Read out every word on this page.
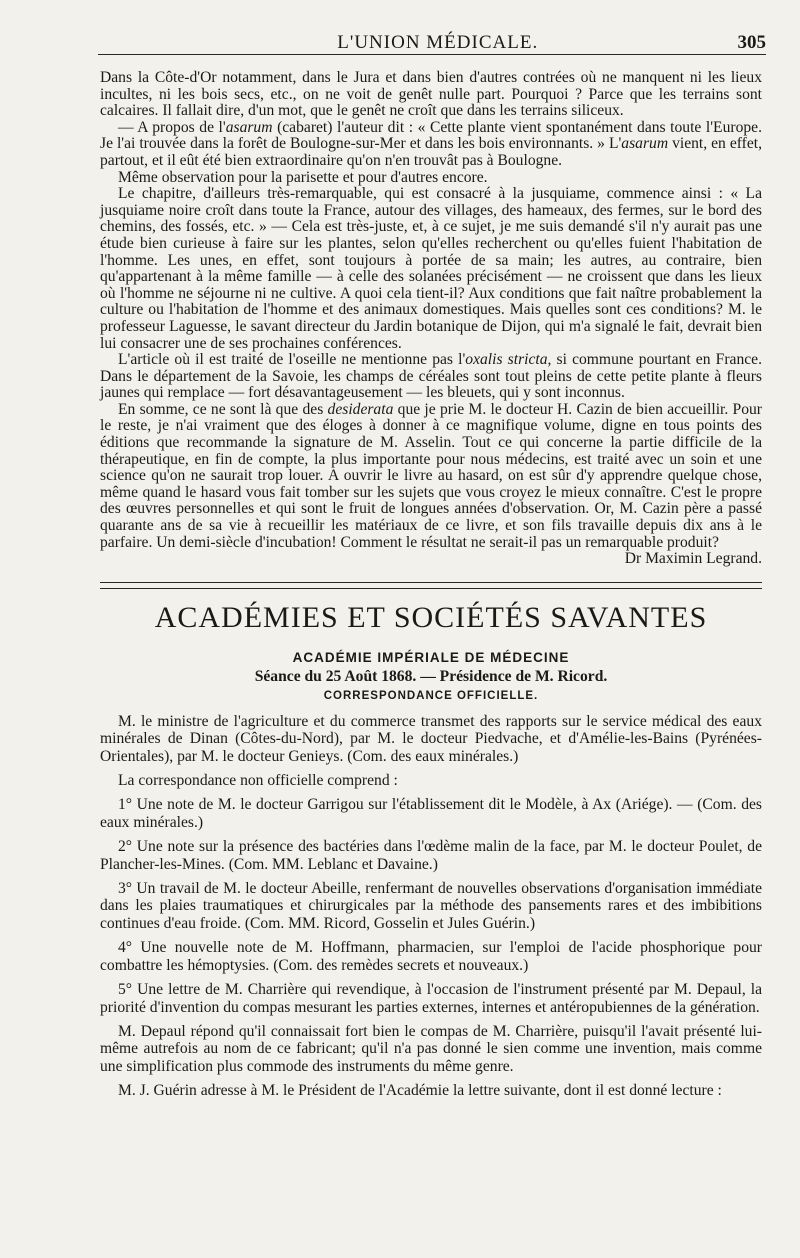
L'UNION MÉDICALE.	305

Dans la Côte-d'Or notamment, dans le Jura et dans bien d'autres contrées où ne manquent ni les lieux incultes, ni les bois secs, etc., on ne voit de genêt nulle part. Pourquoi ? Parce que les terrains sont calcaires. Il fallait dire, d'un mot, que le genêt ne croît que dans les terrains siliceux.

— A propos de l'asarum (cabaret) l'auteur dit : « Cette plante vient spontanément dans toute l'Europe. Je l'ai trouvée dans la forêt de Boulogne-sur-Mer et dans les bois environnants. » L'asarum vient, en effet, partout, et il eût été bien extraordinaire qu'on n'en trouvât pas à Boulogne.

Même observation pour la parisette et pour d'autres encore.

Le chapitre, d'ailleurs très-remarquable, qui est consacré à la jusquiame, commence ainsi : « La jusquiame noire croît dans toute la France, autour des villages, des hameaux, des fermes, sur le bord des chemins, des fossés, etc. » — Cela est très-juste, et, à ce sujet, je me suis demandé s'il n'y aurait pas une étude bien curieuse à faire sur les plantes, selon qu'elles recherchent ou qu'elles fuient l'habitation de l'homme. Les unes, en effet, sont toujours à portée de sa main; les autres, au contraire, bien qu'appartenant à la même famille — à celle des solanées précisément — ne croissent que dans les lieux où l'homme ne séjourne ni ne cultive. A quoi cela tient-il? Aux conditions que fait naître probablement la culture ou l'habitation de l'homme et des animaux domestiques. Mais quelles sont ces conditions? M. le professeur Laguesse, le savant directeur du Jardin botanique de Dijon, qui m'a signalé le fait, devrait bien lui consacrer une de ses prochaines conférences.

L'article où il est traité de l'oseille ne mentionne pas l'oxalis stricta, si commune pourtant en France. Dans le département de la Savoie, les champs de céréales sont tout pleins de cette petite plante à fleurs jaunes qui remplace — fort désavantageusement — les bleuets, qui y sont inconnus.

En somme, ce ne sont là que des desiderata que je prie M. le docteur H. Cazin de bien accueillir. Pour le reste, je n'ai vraiment que des éloges à donner à ce magnifique volume, digne en tous points des éditions que recommande la signature de M. Asselin. Tout ce qui concerne la partie difficile de la thérapeutique, en fin de compte, la plus importante pour nous médecins, est traité avec un soin et une science qu'on ne saurait trop louer. A ouvrir le livre au hasard, on est sûr d'y apprendre quelque chose, même quand le hasard vous fait tomber sur les sujets que vous croyez le mieux connaître. C'est le propre des œuvres personnelles et qui sont le fruit de longues années d'observation. Or, M. Cazin père a passé quarante ans de sa vie à recueillir les matériaux de ce livre, et son fils travaille depuis dix ans à le parfaire. Un demi-siècle d'incubation! Comment le résultat ne serait-il pas un remarquable produit?

Dr Maximin Legrand.
ACADÉMIES ET SOCIÉTÉS SAVANTES
ACADÉMIE IMPÉRIALE DE MÉDECINE
Séance du 25 Août 1868. — Présidence de M. Ricord.
CORRESPONDANCE OFFICIELLE.

M. le ministre de l'agriculture et du commerce transmet des rapports sur le service médical des eaux minérales de Dinan (Côtes-du-Nord), par M. le docteur Piedvache, et d'Amélie-les-Bains (Pyrénées-Orientales), par M. le docteur Genieys. (Com. des eaux minérales.)

La correspondance non officielle comprend :

1° Une note de M. le docteur Garrigou sur l'établissement dit le Modèle, à Ax (Ariége). — (Com. des eaux minérales.)

2° Une note sur la présence des bactéries dans l'œdème malin de la face, par M. le docteur Poulet, de Plancher-les-Mines. (Com. MM. Leblanc et Davaine.)

3° Un travail de M. le docteur Abeille, renfermant de nouvelles observations d'organisation immédiate dans les plaies traumatiques et chirurgicales par la méthode des pansements rares et des imbibitions continues d'eau froide. (Com. MM. Ricord, Gosselin et Jules Guérin.)

4° Une nouvelle note de M. Hoffmann, pharmacien, sur l'emploi de l'acide phosphorique pour combattre les hémoptysies. (Com. des remèdes secrets et nouveaux.)

5° Une lettre de M. Charrière qui revendique, à l'occasion de l'instrument présenté par M. Depaul, la priorité d'invention du compas mesurant les parties externes, internes et antéropubiennes de la génération.

M. Depaul répond qu'il connaissait fort bien le compas de M. Charrière, puisqu'il l'avait présenté lui-même autrefois au nom de ce fabricant; qu'il n'a pas donné le sien comme une invention, mais comme une simplification plus commode des instruments du même genre.

M. J. Guérin adresse à M. le Président de l'Académie la lettre suivante, dont il est donné lecture :
